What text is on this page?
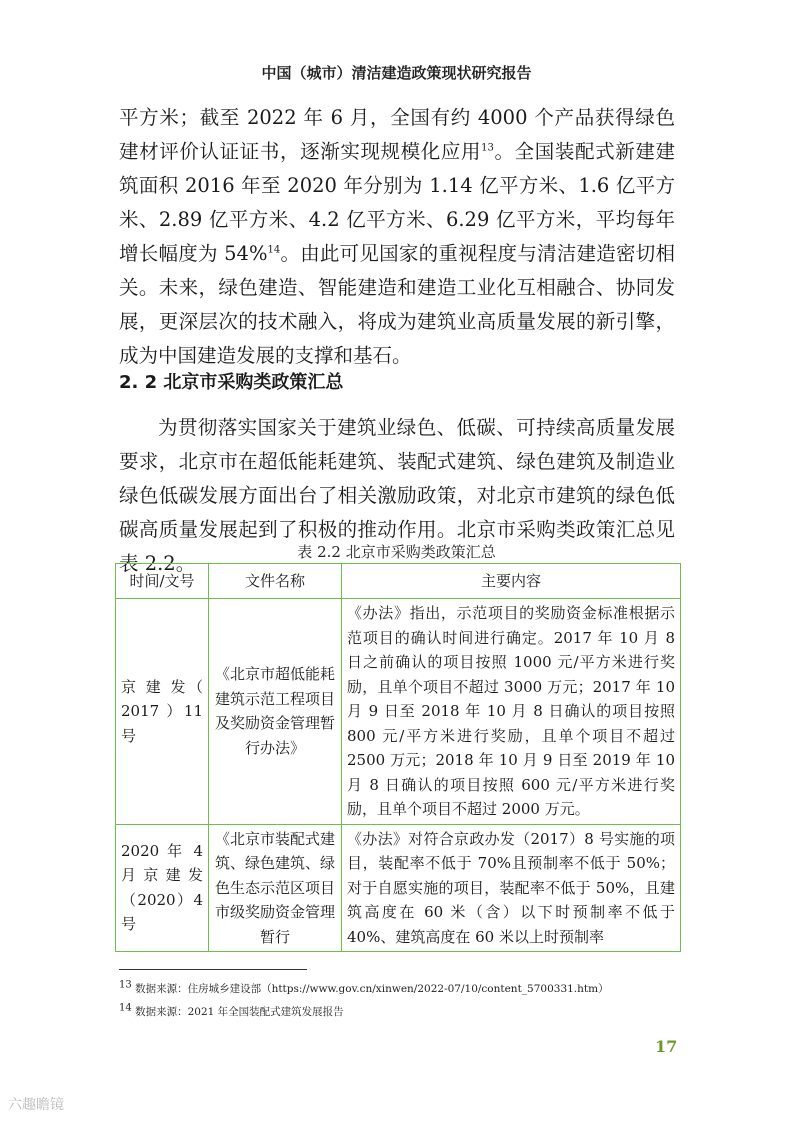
中国（城市）清洁建造政策现状研究报告
平方米；截至 2022 年 6 月，全国有约 4000 个产品获得绿色建材评价认证证书，逐渐实现规模化应用$^{13}$。全国装配式新建建筑面积 2016 年至 2020 年分别为 1.14 亿平方米、1.6 亿平方米、2.89 亿平方米、4.2 亿平方米、6.29 亿平方米，平均每年增长幅度为 54%$^{14}$。由此可见国家的重视程度与清洁建造密切相关。未来，绿色建造、智能建造和建造工业化互相融合、协同发展，更深层次的技术融入，将成为建筑业高质量发展的新引擎，成为中国建造发展的支撑和基石。
2. 2 北京市采购类政策汇总
为贯彻落实国家关于建筑业绿色、低碳、可持续高质量发展要求，北京市在超低能耗建筑、装配式建筑、绿色建筑及制造业绿色低碳发展方面出台了相关激励政策，对北京市建筑的绿色低碳高质量发展起到了积极的推动作用。北京市采购类政策汇总见表 2.2。	表 2.2 北京市采购类政策汇总
时间/文号	文件名称	主要内容
京 建 发（ 2017 ）11 号	《北京市超低能耗建筑示范工程项目及奖励资金管理暂行办法》	《办法》指出，示范项目的奖励资金标准根据示范项目的确认时间进行确定。2017 年 10 月 8 日之前确认的项目按照 1000 元/平方米进行奖励，且单个项目不超过 3000 万元；2017 年 10 月 9 日至 2018 年 10 月 8 日确认的项目按照 800 元/平方米进行奖励，且单个项目不超过 2500 万元；2018 年 10 月 9 日至 2019 年 10 月 8 日确认的项目按照 600 元/平方米进行奖励，且单个项目不超过 2000 万元。
2020 年 4 月京建发（2020）4 号	《北京市装配式建筑、绿色建筑、绿色生态示范区项目市级奖励资金管理暂行	《办法》对符合京政办发（2017）8 号实施的项目，装配率不低于 70%且预制率不低于 50%；对于自愿实施的项目，装配率不低于 50%，且建筑高度在 60 米（含）以下时预制率不低于 40%、建筑高度在 60 米以上时预制率
$^{13}$ 数据来源：住房城乡建设部（https://www.gov.cn/xinwen/2022-07/10/content_5700331.htm）
$^{14}$ 数据来源：2021 年全国装配式建筑发展报告
17
六趣瞻镜
